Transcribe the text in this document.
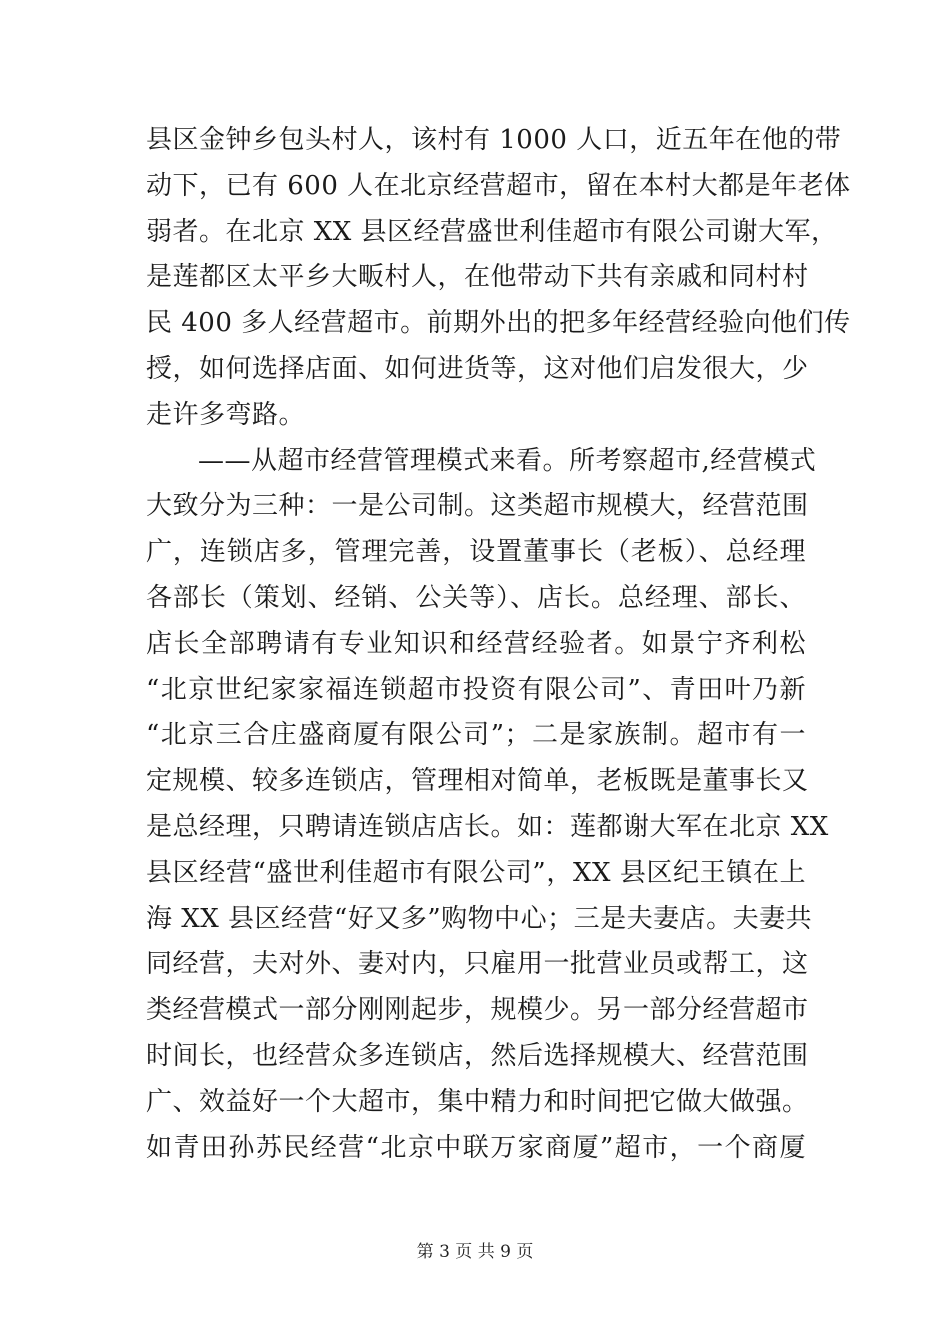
县区金钟乡包头村人，该村有 1000 人口，近五年在他的带
动下，已有 600 人在北京经营超市，留在本村大都是年老体
弱者。在北京 XX 县区经营盛世利佳超市有限公司谢大军，
是莲都区太平乡大畈村人，在他带动下共有亲戚和同村村
民 400 多人经营超市。前期外出的把多年经营经验向他们传
授，如何选择店面、如何进货等，这对他们启发很大，少
走许多弯路。
——从超市经营管理模式来看。所考察超市,经营模式
大致分为三种：一是公司制。这类超市规模大，经营范围
广，连锁店多，管理完善，设置董事长（老板）、总经理
各部长（策划、经销、公关等）、店长。总经理、部长、
店长全部聘请有专业知识和经营经验者。如景宁齐利松
“北京世纪家家福连锁超市投资有限公司”、青田叶乃新
“北京三合庄盛商厦有限公司”；二是家族制。超市有一
定规模、较多连锁店，管理相对简单，老板既是董事长又
是总经理，只聘请连锁店店长。如：莲都谢大军在北京 XX
县区经营“盛世利佳超市有限公司”，XX 县区纪王镇在上
海 XX 县区经营“好又多”购物中心；三是夫妻店。夫妻共
同经营，夫对外、妻对内，只雇用一批营业员或帮工，这
类经营模式一部分刚刚起步，规模少。另一部分经营超市
时间长，也经营众多连锁店，然后选择规模大、经营范围
广、效益好一个大超市，集中精力和时间把它做大做强。
如青田孙苏民经营“北京中联万家商厦”超市，一个商厦
第 3 页 共 9 页
